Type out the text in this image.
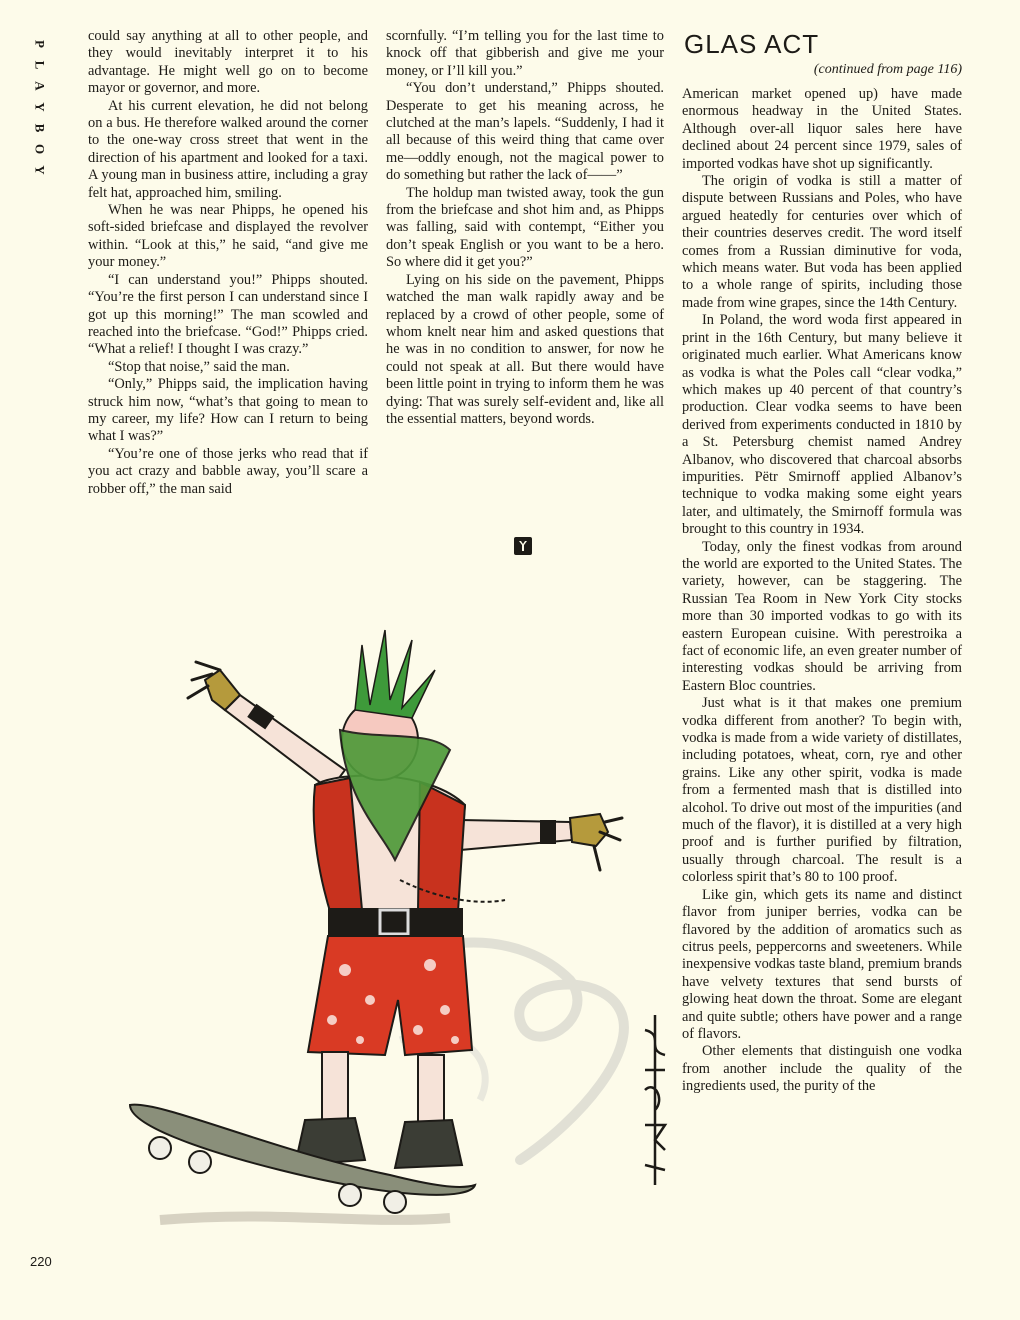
P
L
A
Y
B
O
Y

could say anything at all to other people, and they would inevitably interpret it to his advantage. He might well go on to become mayor or governor, and more.

At his current elevation, he did not belong on a bus. He therefore walked around the corner to the one-way cross street that went in the direction of his apartment and looked for a taxi. A young man in business attire, including a gray felt hat, approached him, smiling.

When he was near Phipps, he opened his soft-sided briefcase and displayed the revolver within. “Look at this,” he said, “and give me your money.”

“I can understand you!” Phipps shouted. “You’re the first person I can understand since I got up this morning!” The man scowled and reached into the briefcase. “God!” Phipps cried. “What a relief! I thought I was crazy.”

“Stop that noise,” said the man.

“Only,” Phipps said, the implication having struck him now, “what’s that going to mean to my career, my life? How can I return to being what I was?”

“You’re one of those jerks who read that if you act crazy and babble away, you’ll scare a robber off,” the man said

scornfully. “I’m telling you for the last time to knock off that gibberish and give me your money, or I’ll kill you.”

“You don’t understand,” Phipps shouted. Desperate to get his meaning across, he clutched at the man’s lapels. “Suddenly, I had it all because of this weird thing that came over me—oddly enough, not the magical power to do something but rather the lack of——”

The holdup man twisted away, took the gun from the briefcase and shot him and, as Phipps was falling, said with contempt, “Either you don’t speak English or you want to be a hero. So where did it get you?”

Lying on his side on the pavement, Phipps watched the man walk rapidly away and be replaced by a crowd of other people, some of whom knelt near him and asked questions that he was in no condition to answer, for now he could not speak at all. But there would have been little point in trying to inform them he was dying: That was surely self-evident and, like all the essential matters, beyond words.

GLAS ACT
(continued from page 116)

American market opened up) have made enormous headway in the United States. Although over-all liquor sales here have declined about 24 percent since 1979, sales of imported vodkas have shot up significantly.

The origin of vodka is still a matter of dispute between Russians and Poles, who have argued heatedly for centuries over which of their countries deserves credit. The word itself comes from a Russian diminutive for voda, which means water. But voda has been applied to a whole range of spirits, including those made from wine grapes, since the 14th Century.

In Poland, the word woda first appeared in print in the 16th Century, but many believe it originated much earlier. What Americans know as vodka is what the Poles call “clear vodka,” which makes up 40 percent of that country’s production. Clear vodka seems to have been derived from experiments conducted in 1810 by a St. Petersburg chemist named Andrey Albanov, who discovered that charcoal absorbs impurities. Pëtr Smirnoff applied Albanov’s technique to vodka making some eight years later, and ultimately, the Smirnoff formula was brought to this country in 1934.

Today, only the finest vodkas from around the world are exported to the United States. The variety, however, can be staggering. The Russian Tea Room in New York City stocks more than 30 imported vodkas to go with its eastern European cuisine. With perestroika a fact of economic life, an even greater number of interesting vodkas should be arriving from Eastern Bloc countries.

Just what is it that makes one premium vodka different from another? To begin with, vodka is made from a wide variety of distillates, including potatoes, wheat, corn, rye and other grains. Like any other spirit, vodka is made from a fermented mash that is distilled into alcohol. To drive out most of the impurities (and much of the flavor), it is distilled at a very high proof and is further purified by filtration, usually through charcoal. The result is a colorless spirit that’s 80 to 100 proof.

Like gin, which gets its name and distinct flavor from juniper berries, vodka can be flavored by the addition of aromatics such as citrus peels, peppercorns and sweeteners. While inexpensive vodkas taste bland, premium brands have velvety textures that send bursts of glowing heat down the throat. Some are elegant and quite subtle; others have power and a range of flavors.

Other elements that distinguish one vodka from another include the quality of the ingredients used, the purity of the

220
